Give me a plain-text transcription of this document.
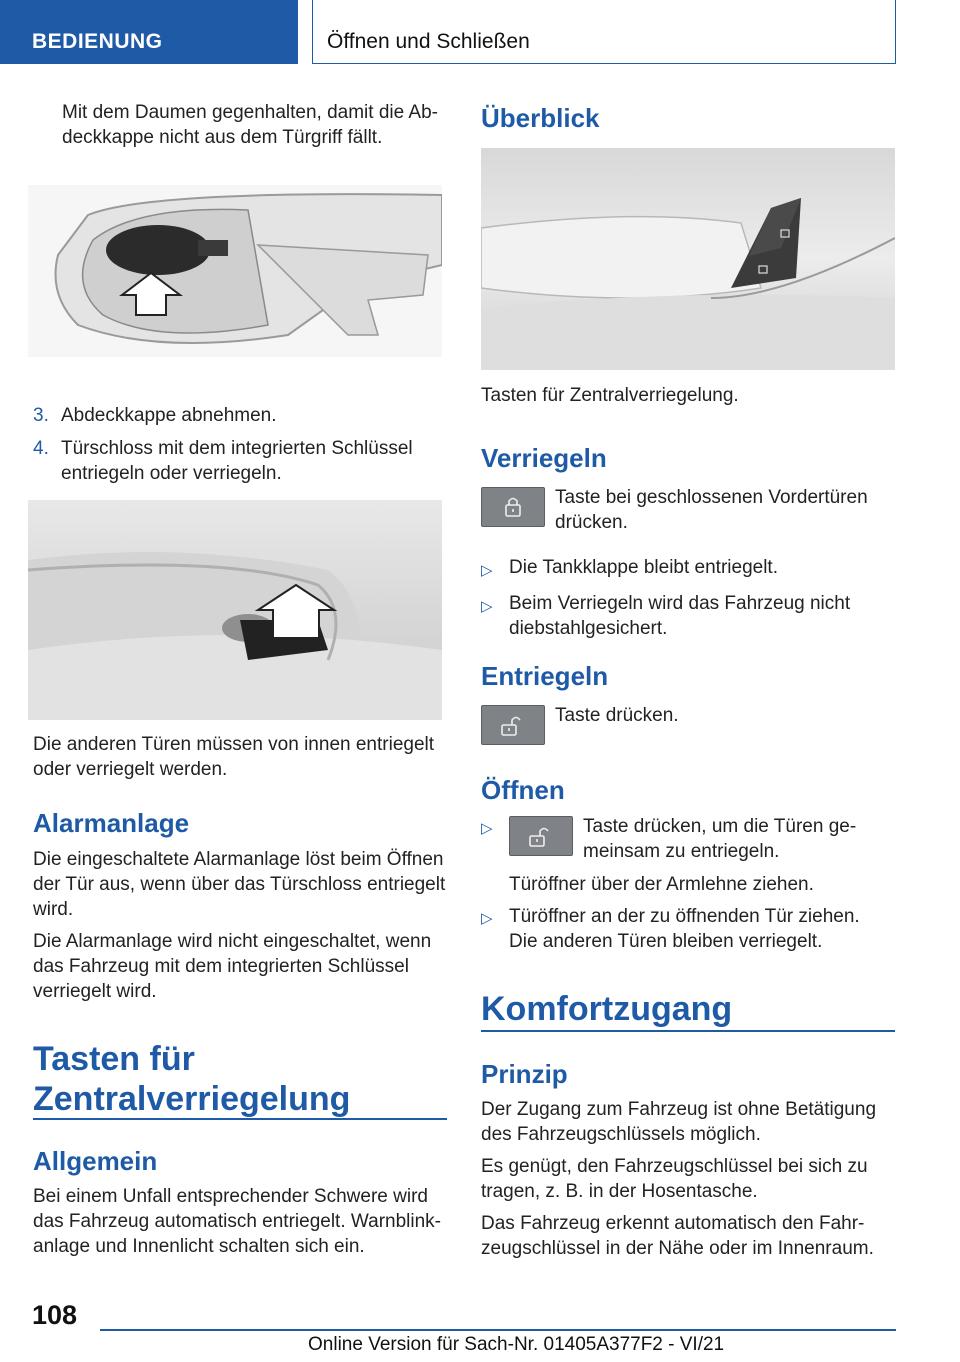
BEDIENUNG	Öffnen und Schließen
Mit dem Daumen gegenhalten, damit die Ab-
deckkappe nicht aus dem Türgriff fällt.
3. Abdeckkappe abnehmen.
4. Türschloss mit dem integrierten Schlüssel
entriegeln oder verriegeln.
Die anderen Türen müssen von innen entriegelt
oder verriegelt werden.
Alarmanlage
Die eingeschaltete Alarmanlage löst beim Öffnen
der Tür aus, wenn über das Türschloss entriegelt
wird.
Die Alarmanlage wird nicht eingeschaltet, wenn
das Fahrzeug mit dem integrierten Schlüssel
verriegelt wird.
Tasten für
Zentralverriegelung
Allgemein
Bei einem Unfall entsprechender Schwere wird
das Fahrzeug automatisch entriegelt. Warnblink-
anlage und Innenlicht schalten sich ein.
Überblick
Tasten für Zentralverriegelung.
Verriegeln
Taste bei geschlossenen Vordertüren
drücken.
▷ Die Tankklappe bleibt entriegelt.
▷ Beim Verriegeln wird das Fahrzeug nicht
diebstahlgesichert.
Entriegeln
Taste drücken.
Öffnen
▷	Taste drücken, um die Türen ge-
meinsam zu entriegeln.
Türöffner über der Armlehne ziehen.
▷ Türöffner an der zu öffnenden Tür ziehen.
Die anderen Türen bleiben verriegelt.
Komfortzugang
Prinzip
Der Zugang zum Fahrzeug ist ohne Betätigung
des Fahrzeugschlüssels möglich.
Es genügt, den Fahrzeugschlüssel bei sich zu
tragen, z. B. in der Hosentasche.
Das Fahrzeug erkennt automatisch den Fahr-
zeugschlüssel in der Nähe oder im Innenraum.
108
Online Version für Sach-Nr. 01405A377F2 - VI/21
